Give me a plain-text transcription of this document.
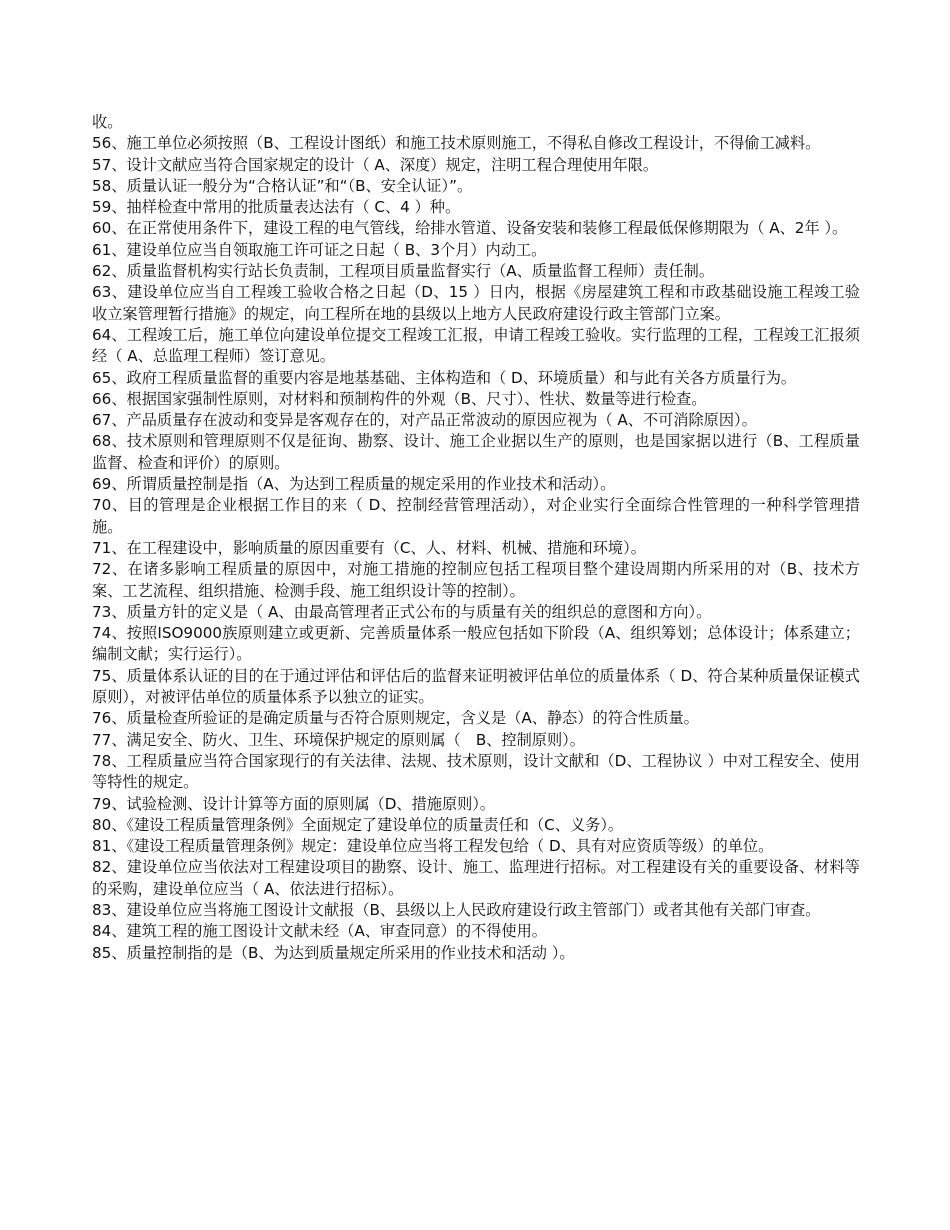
收。

56、施工单位必须按照（B、工程设计图纸）和施工技术原则施工，不得私自修改工程设计，不得偷工减料。

57、设计文献应当符合国家规定的设计（ A、深度）规定，注明工程合理使用年限。

58、质量认证一般分为“合格认证”和“（B、安全认证）”。

59、抽样检查中常用的批质量表达法有（ C、4 ）种。

60、在正常使用条件下，建设工程的电气管线，给排水管道、设备安装和装修工程最低保修期限为（ A、2年 ）。

61、建设单位应当自领取施工许可证之日起（ B、3个月）内动工。

62、质量监督机构实行站长负责制，工程项目质量监督实行（A、质量监督工程师）责任制。

63、建设单位应当自工程竣工验收合格之日起（D、15 ）日内，根据《房屋建筑工程和市政基础设施工程竣工验收立案管理暂行措施》的规定，向工程所在地的县级以上地方人民政府建设行政主管部门立案。

64、工程竣工后，施工单位向建设单位提交工程竣工汇报，申请工程竣工验收。实行监理的工程，工程竣工汇报须经（ A、总监理工程师）签订意见。

65、政府工程质量监督的重要内容是地基基础、主体构造和（ D、环境质量）和与此有关各方质量行为。

66、根据国家强制性原则，对材料和预制构件的外观（B、尺寸）、性状、数量等进行检查。

67、产品质量存在波动和变异是客观存在的，对产品正常波动的原因应视为（ A、不可消除原因）。

68、技术原则和管理原则不仅是征询、勘察、设计、施工企业据以生产的原则，也是国家据以进行（B、工程质量监督、检查和评价）的原则。

69、所谓质量控制是指（A、为达到工程质量的规定采用的作业技术和活动）。

70、目的管理是企业根据工作目的来（ D、控制经营管理活动），对企业实行全面综合性管理的一种科学管理措施。

71、在工程建设中，影响质量的原因重要有（C、人、材料、机械、措施和环境）。

72、在诸多影响工程质量的原因中，对施工措施的控制应包括工程项目整个建设周期内所采用的对（B、技术方案、工艺流程、组织措施、检测手段、施工组织设计等的控制）。

73、质量方针的定义是（ A、由最高管理者正式公布的与质量有关的组织总的意图和方向）。

74、按照ISO9000族原则建立或更新、完善质量体系一般应包括如下阶段（A、组织筹划；总体设计；体系建立；编制文献；实行运行）。

75、质量体系认证的目的在于通过评估和评估后的监督来证明被评估单位的质量体系（ D、符合某种质量保证模式原则），对被评估单位的质量体系予以独立的证实。

76、质量检查所验证的是确定质量与否符合原则规定，含义是（A、静态）的符合性质量。

77、满足安全、防火、卫生、环境保护规定的原则属（　B、控制原则）。

78、工程质量应当符合国家现行的有关法律、法规、技术原则，设计文献和（D、工程协议 ）中对工程安全、使用等特性的规定。

79、试验检测、设计计算等方面的原则属（D、措施原则）。

80、《建设工程质量管理条例》全面规定了建设单位的质量责任和（C、义务）。

81、《建设工程质量管理条例》规定：建设单位应当将工程发包给（ D、具有对应资质等级）的单位。

82、建设单位应当依法对工程建设项目的勘察、设计、施工、监理进行招标。对工程建设有关的重要设备、材料等的采购，建设单位应当（ A、依法进行招标）。

83、建设单位应当将施工图设计文献报（B、县级以上人民政府建设行政主管部门）或者其他有关部门审查。

84、建筑工程的施工图设计文献未经（A、审查同意）的不得使用。

85、质量控制指的是（B、为达到质量规定所采用的作业技术和活动 ）。
